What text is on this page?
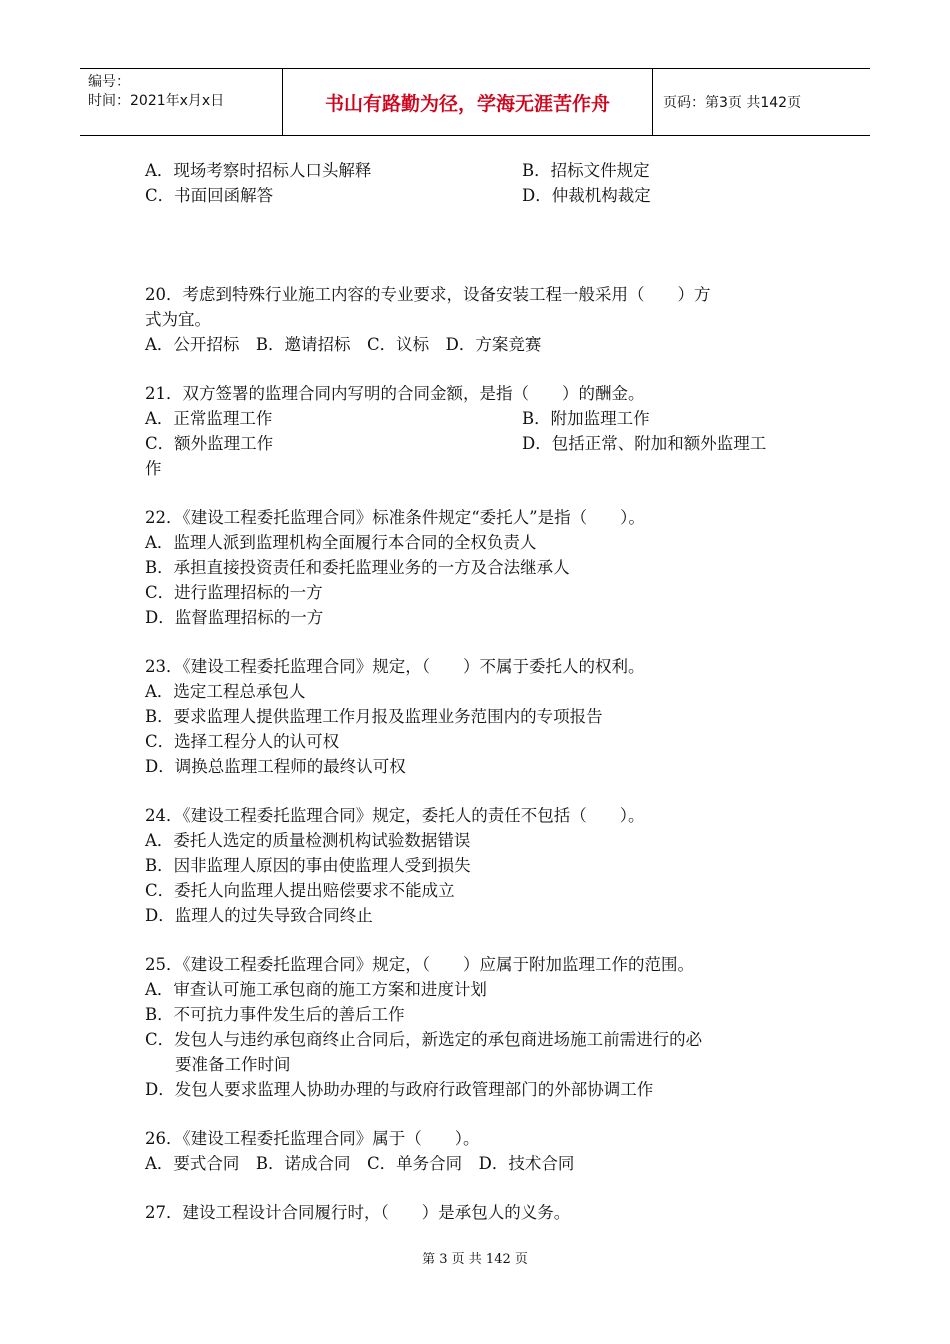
编号：
时间：2021年x月x日	书山有路勤为径，学海无涯苦作舟	页码：第3页 共142页
A．现场考察时招标人口头解释	B．招标文件规定
C．书面回函解答	D．仲裁机构裁定
20．考虑到特殊行业施工内容的专业要求，设备安装工程一般采用（　　）方
式为宜。
A．公开招标　B．邀请招标　C．议标　D．方案竞赛
21．双方签署的监理合同内写明的合同金额，是指（　　）的酬金。
A．正常监理工作	B．附加监理工作
C．额外监理工作	D．包括正常、附加和额外监理工
作
22．《建设工程委托监理合同》标准条件规定“委托人”是指（　　）。
A．监理人派到监理机构全面履行本合同的全权负责人
B．承担直接投资责任和委托监理业务的一方及合法继承人
C．进行监理招标的一方
D．监督监理招标的一方
23．《建设工程委托监理合同》规定，（　　）不属于委托人的权利。
A．选定工程总承包人
B．要求监理人提供监理工作月报及监理业务范围内的专项报告
C．选择工程分人的认可权
D．调换总监理工程师的最终认可权
24．《建设工程委托监理合同》规定，委托人的责任不包括（　　）。
A．委托人选定的质量检测机构试验数据错误
B．因非监理人原因的事由使监理人受到损失
C．委托人向监理人提出赔偿要求不能成立
D．监理人的过失导致合同终止
25．《建设工程委托监理合同》规定，（　　）应属于附加监理工作的范围。
A．审查认可施工承包商的施工方案和进度计划
B．不可抗力事件发生后的善后工作
C．发包人与违约承包商终止合同后，新选定的承包商进场施工前需进行的必
要准备工作时间
D．发包人要求监理人协助办理的与政府行政管理部门的外部协调工作
26．《建设工程委托监理合同》属于（　　）。
A．要式合同　B．诺成合同　C．单务合同　D．技术合同
27．建设工程设计合同履行时，（　　）是承包人的义务。
第 3 页 共 142 页
